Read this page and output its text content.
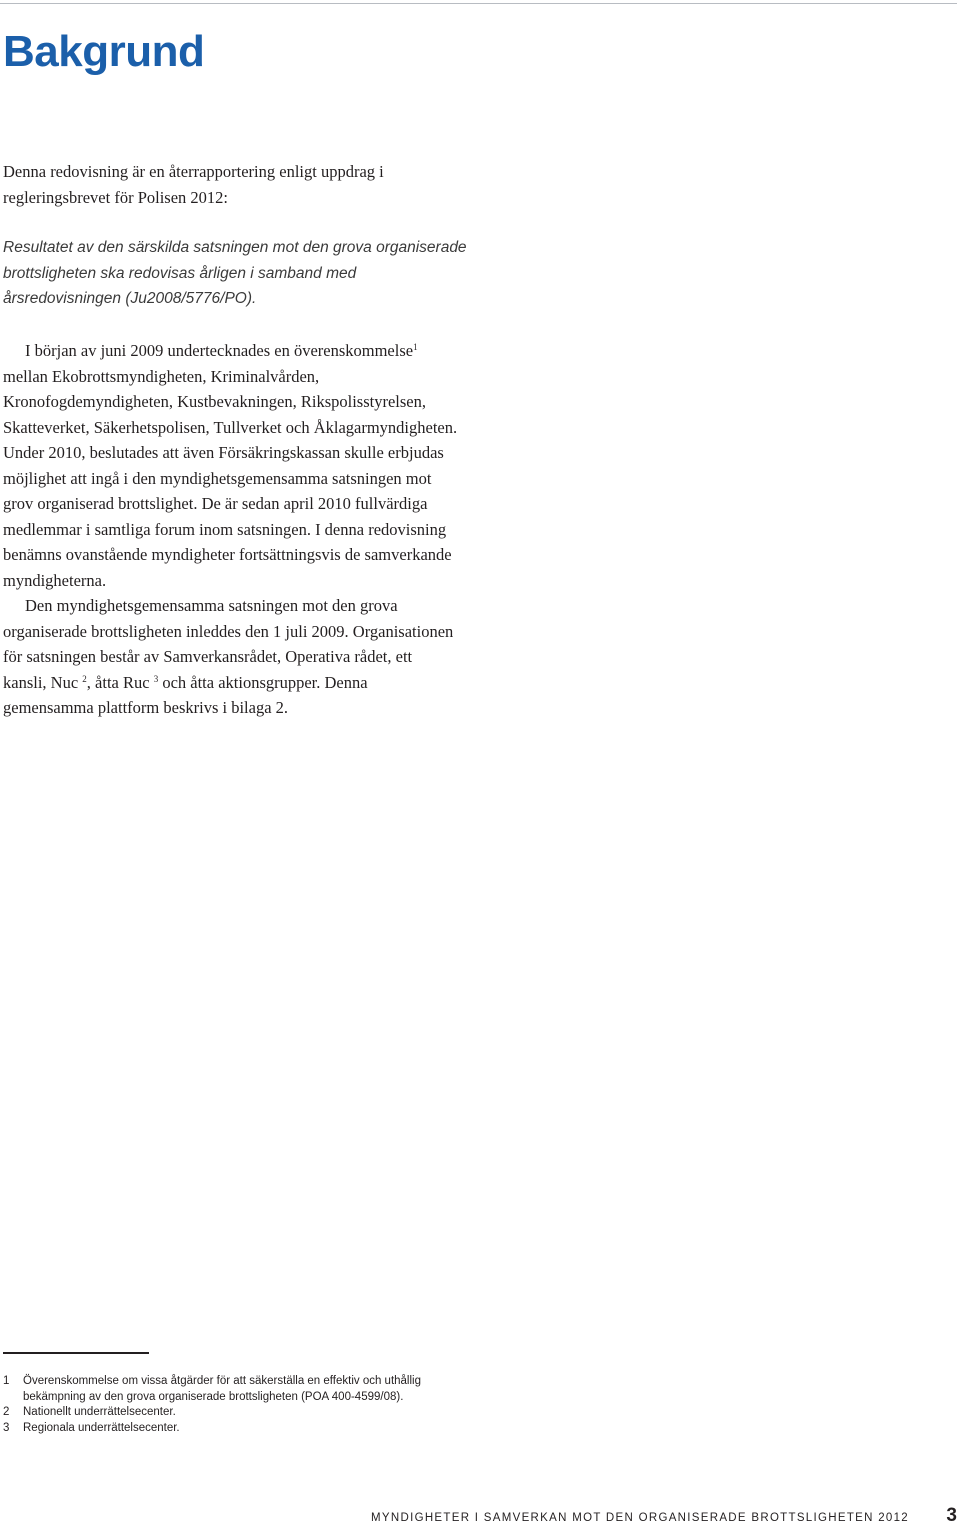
Bakgrund

Denna redovisning är en återrapportering enligt uppdrag i regleringsbrevet för Polisen 2012:

Resultatet av den särskilda satsningen mot den grova organiserade brottsligheten ska redovisas årligen i samband med årsredovisningen (Ju2008/5776/PO).

I början av juni 2009 undertecknades en överenskommelse$^1$ mellan Ekobrottsmyndigheten, Kriminalvården, Kronofogdemyndigheten, Kustbevakningen, Rikspolisstyrelsen, Skatteverket, Säkerhetspolisen, Tullverket och Åklagarmyndigheten. Under 2010, beslutades att även Försäkringskassan skulle erbjudas möjlighet att ingå i den myndighetsgemensamma satsningen mot grov organiserad brottslighet. De är sedan april 2010 fullvärdiga medlemmar i samtliga forum inom satsningen. I denna redovisning benämns ovanstående myndigheter fortsättningsvis de samverkande myndigheterna.

Den myndighetsgemensamma satsningen mot den grova organiserade brottsligheten inleddes den 1 juli 2009. Organisationen för satsningen består av Samverkansrådet, Operativa rådet, ett kansli, Nuc $^2$, åtta Ruc $^3$ och åtta aktionsgrupper. Denna gemensamma plattform beskrivs i bilaga 2.

1	Överenskommelse om vissa åtgärder för att säkerställa en effektiv och uthållig bekämpning av den grova organiserade brottsligheten (POA 400-4599/08).
2	Nationellt underrättelsecenter.
3	Regionala underrättelsecenter.
MYNDIGHETER I SAMVERKAN MOT DEN ORGANISERADE BROTTSLIGHETEN 2012 3
